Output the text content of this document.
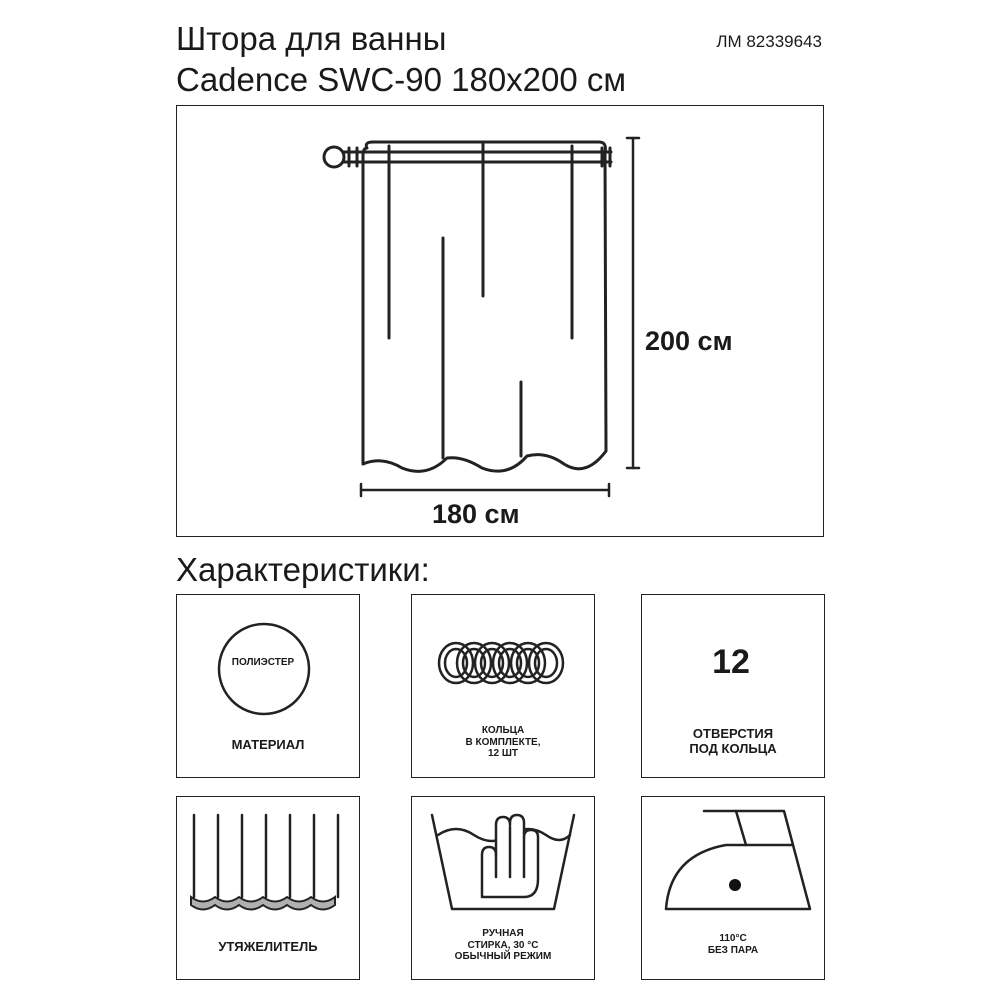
Штора для ванны
Cadence SWC-90 180x200 см
ЛМ 82339643
200 см
180 см
Характеристики:
ПОЛИЭСТЕР
МАТЕРИАЛ
КОЛЬЦА
В КОМПЛЕКТЕ,
12 ШТ
12
ОТВЕРСТИЯ
ПОД КОЛЬЦА
УТЯЖЕЛИТЕЛЬ
РУЧНАЯ
СТИРКА, 30 °С
ОБЫЧНЫЙ РЕЖИМ
110°С
БЕЗ ПАРА
